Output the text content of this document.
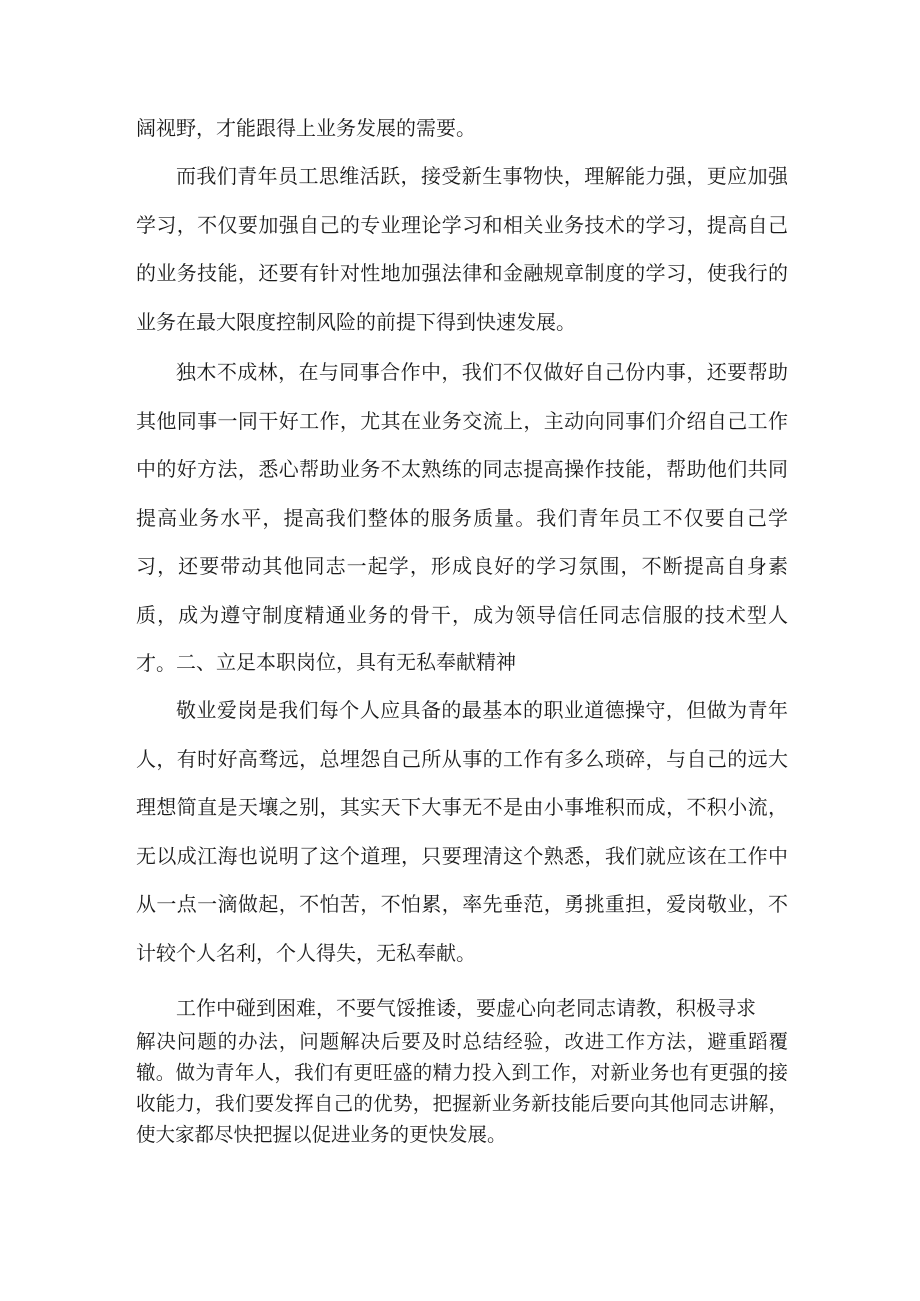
阔视野，才能跟得上业务发展的需要。

而我们青年员工思维活跃，接受新生事物快，理解能力强，更应加强学习，不仅要加强自己的专业理论学习和相关业务技术的学习，提高自己的业务技能，还要有针对性地加强法律和金融规章制度的学习，使我行的业务在最大限度控制风险的前提下得到快速发展。

独木不成林，在与同事合作中，我们不仅做好自己份内事，还要帮助其他同事一同干好工作，尤其在业务交流上，主动向同事们介绍自己工作中的好方法，悉心帮助业务不太熟练的同志提高操作技能，帮助他们共同提高业务水平，提高我们整体的服务质量。我们青年员工不仅要自己学习，还要带动其他同志一起学，形成良好的学习氛围，不断提高自身素质，成为遵守制度精通业务的骨干，成为领导信任同志信服的技术型人才。 二、立足本职岗位，具有无私奉献精神

敬业爱岗是我们每个人应具备的最基本的职业道德操守，但做为青年人，有时好高骛远，总埋怨自己所从事的工作有多么琐碎，与自己的远大理想简直是天壤之别，其实天下大事无不是由小事堆积而成，不积小流，无以成江海也说明了这个道理，只要理清这个熟悉，我们就应该在工作中从一点一滴做起，不怕苦，不怕累，率先垂范，勇挑重担，爱岗敬业，不计较个人名利，个人得失，无私奉献。

工作中碰到困难，不要气馁推诿，要虚心向老同志请教，积极寻求

解决问题的办法，问题解决后要及时总结经验，改进工作方法，避重蹈覆辙。做为青年人，我们有更旺盛的精力投入到工作，对新业务也有更强的接收能力，我们要发挥自己的优势，把握新业务新技能后要向其他同志讲解，使大家都尽快把握以促进业务的更快发展。
